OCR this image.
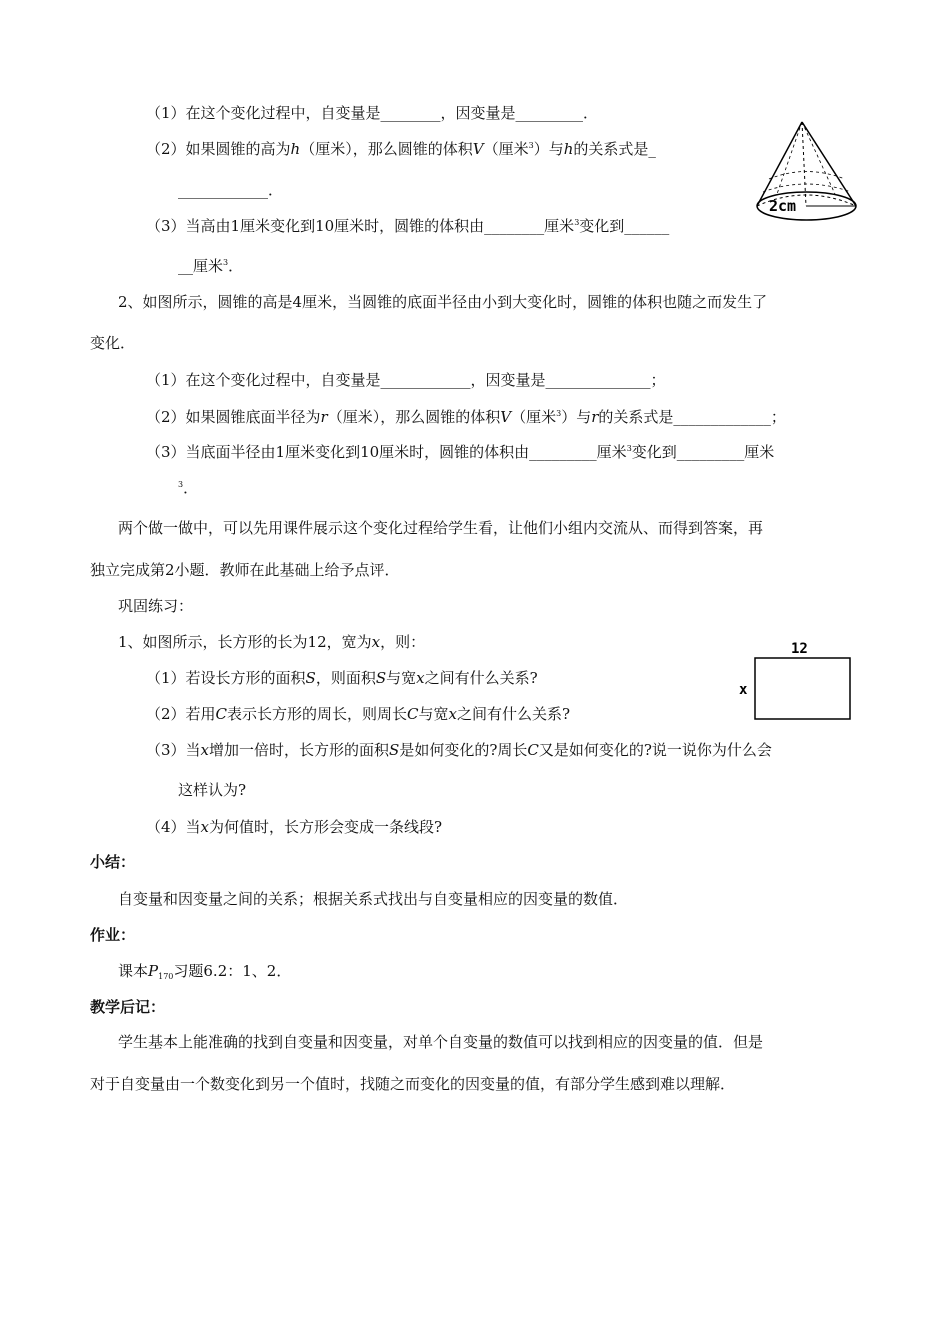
（1）在这个变化过程中，自变量是________，因变量是_________．
（2）如果圆锥的高为h（厘米），那么圆锥的体积V（厘米$^3$）与h的关系式是_
____________．
（3）当高由1厘米变化到10厘米时，圆锥的体积由________厘米$^3$变化到______
__厘米$^3$．
2cm
2、如图所示，圆锥的高是4厘米，当圆锥的底面半径由小到大变化时，圆锥的体积也随之而发生了
变化．
（1）在这个变化过程中，自变量是____________，因变量是______________；
（2）如果圆锥底面半径为r（厘米），那么圆锥的体积V（厘米$^3$）与r的关系式是_____________；
（3）当底面半径由1厘米变化到10厘米时，圆锥的体积由_________厘米$^3$变化到_________厘米
$^3$．
两个做一做中，可以先用课件展示这个变化过程给学生看，让他们小组内交流从、而得到答案，再
独立完成第2小题．教师在此基础上给予点评．
巩固练习：
1、如图所示，长方形的长为12，宽为x，则：
（1）若设长方形的面积S，则面积S与宽x之间有什么关系?
（2）若用C表示长方形的周长，则周长C与宽x之间有什么关系?
（3）当x增加一倍时，长方形的面积S是如何变化的?周长C又是如何变化的?说一说你为什么会
这样认为?
（4）当x为何值时，长方形会变成一条线段?
12
x
小结：
自变量和因变量之间的关系；根据关系式找出与自变量相应的因变量的数值．
作业：
课本$P_{170}$习题6.2：1、2．
教学后记：
学生基本上能准确的找到自变量和因变量，对单个自变量的数值可以找到相应的因变量的值．但是
对于自变量由一个数变化到另一个值时，找随之而变化的因变量的值，有部分学生感到难以理解．
